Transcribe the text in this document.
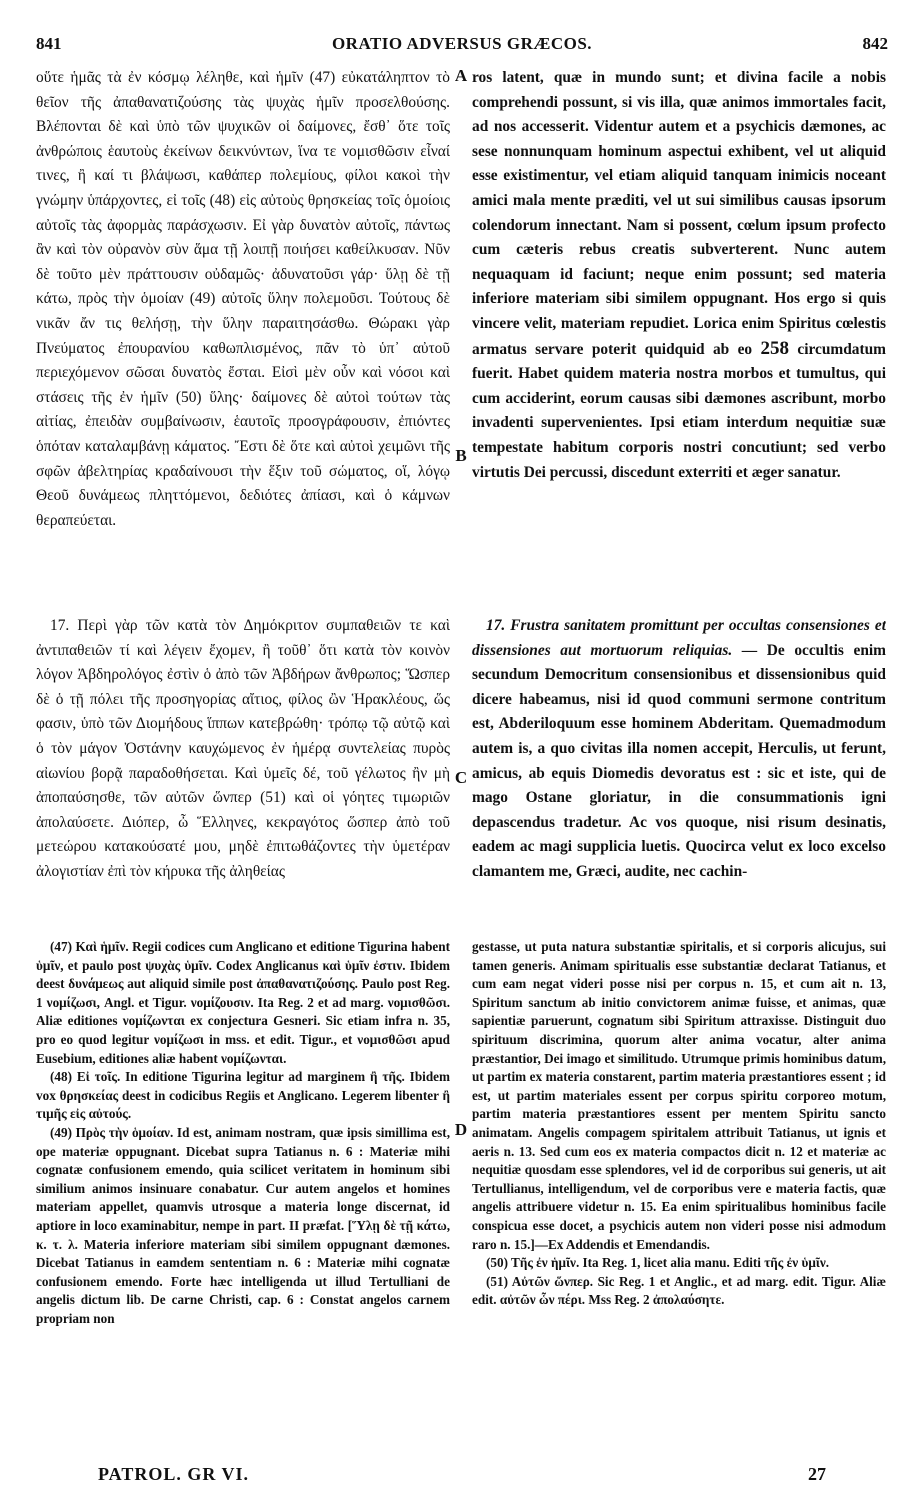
841	ORATIO ADVERSUS GRÆCOS.	842

οὕτε ἡμᾶς τὰ ἐν κόσμῳ λέληθε, καὶ ἡμῖν (47) εὐκατάληπτον τὸ θεῖον τῆς ἀπαθανατιζούσης τὰς ψυχὰς ἡμῖν προσελθούσης. Βλέπονται δὲ καὶ ὑπὸ τῶν ψυχικῶν οἱ δαίμονες, ἔσθ᾽ ὅτε τοῖς ἀνθρώποις ἑαυτοὺς ἐκείνων δεικνύντων, ἵνα τε νομισθῶσιν εἶναί τινες, ἢ καί τι βλάψωσι, καθάπερ πολεμίους, φίλοι κακοὶ τὴν γνώμην ὑπάρχοντες, εἰ τοῖς (48) εἰς αὐτοὺς θρησκείας τοῖς ὁμοίοις αὐτοῖς τὰς ἀφορμὰς παράσχωσιν. Εἰ γὰρ δυνατὸν αὐτοῖς, πάντως ἂν καὶ τὸν οὐρανὸν σὺν ἅμα τῇ λοιπῇ ποιήσει καθείλκυσαν. Νῦν δὲ τοῦτο μὲν πράττουσιν οὐδαμῶς· ἀδυνατοῦσι γάρ· ὕλῃ δὲ τῇ κάτω, πρὸς τὴν ὁμοίαν (49) αὐτοῖς ὕλην πολεμοῦσι. Τούτους δὲ νικᾶν ἄν τις θελήσῃ, τὴν ὕλην παραιτησάσθω. Θώρακι γὰρ Πνεύματος ἐπουρανίου καθωπλισμένος, πᾶν τὸ ὑπ᾽ αὐτοῦ περιεχόμενον σῶσαι δυνατὸς ἔσται. Εἰσὶ μὲν οὖν καὶ νόσοι καὶ στάσεις τῆς ἐν ἡμῖν (50) ὕλης· δαίμονες δὲ αὐτοὶ τούτων τὰς αἰτίας, ἐπειδὰν συμβαίνωσιν, ἑαυτοῖς προσγράφουσιν, ἐπιόντες ὁπόταν καταλαμβάνῃ κάματος. Ἔστι δὲ ὅτε καὶ αὐτοὶ χειμῶνι τῆς σφῶν ἀβελτηρίας κραδαίνουσι τὴν ἕξιν τοῦ σώματος, οἵ, λόγῳ Θεοῦ δυνάμεως πληττόμενοι, δεδιότες ἀπίασι, καὶ ὁ κάμνων θεραπεύεται.

17. Περὶ γὰρ τῶν κατὰ τὸν Δημόκριτον συμπαθειῶν τε καὶ ἀντιπαθειῶν τί καὶ λέγειν ἔχομεν, ἢ τοῦθ᾽ ὅτι κατὰ τὸν κοινὸν λόγον Ἀβδηρολόγος ἐστὶν ὁ ἀπὸ τῶν Ἀβδήρων ἄνθρωπος; Ὥσπερ δὲ ὁ τῇ πόλει τῆς προσηγορίας αἴτιος, φίλος ὢν Ἡρακλέους, ὥς φασιν, ὑπὸ τῶν Διομήδους ἵππων κατεβρώθη· τρόπῳ τῷ αὐτῷ καὶ ὁ τὸν μάγον Ὀστάνην καυχώμενος ἐν ἡμέρᾳ συντελείας πυρὸς αἰωνίου βορᾷ παραδοθήσεται. Καὶ ὑμεῖς δέ, τοῦ γέλωτος ἢν μὴ ἀποπαύσησθε, τῶν αὐτῶν ὥνπερ (51) καὶ οἱ γόητες τιμωριῶν ἀπολαύσετε. Διόπερ, ὦ Ἕλληνες, κεκραγότος ὥσπερ ἀπὸ τοῦ μετεώρου κατακούσατέ μου, μηδὲ ἐπιτωθάζοντες τὴν ὑμετέραν ἀλογιστίαν ἐπὶ τὸν κήρυκα τῆς ἀληθείας

ros latent, quæ in mundo sunt; et divina facile a nobis comprehendi possunt, si vis illa, quæ animos immortales facit, ad nos accesserit. Videntur autem et a psychicis dæmones, ac sese nonnunquam hominum aspectui exhibent, vel ut aliquid esse existimentur, vel etiam aliquid tanquam inimicis noceant amici mala mente præditi, vel ut sui similibus causas ipsorum colendorum innectant. Nam si possent, cœlum ipsum profecto cum cæteris rebus creatis subverterent. Nunc autem nequaquam id faciunt; neque enim possunt; sed materia inferiore materiam sibi similem oppugnant. Hos ergo si quis vincere velit, materiam repudiet. Lorica enim Spiritus cœlestis armatus servare poterit quidquid ab eo 258 circumdatum fuerit. Habet quidem materia nostra morbos et tumultus, qui cum acciderint, eorum causas sibi dæmones ascribunt, morbo invadenti supervenientes. Ipsi etiam interdum nequitiæ suæ tempestate habitum corporis nostri concutiunt; sed verbo virtutis Dei percussi, discedunt exterriti et æger sanatur.

17. Frustra sanitatem promittunt per occultas consensiones et dissensiones aut mortuorum reliquias. — De occultis enim secundum Democritum consensionibus et dissensionibus quid dicere habeamus, nisi id quod communi sermone contritum est, Abderiloquum esse hominem Abderitam. Quemadmodum autem is, a quo civitas illa nomen accepit, Herculis, ut ferunt, amicus, ab equis Diomedis devoratus est : sic et iste, qui de mago Ostane gloriatur, in die consummationis igni depascendus tradetur. Ac vos quoque, nisi risum desinatis, eadem ac magi supplicia luetis. Quocirca velut ex loco excelso clamantem me, Græci, audite, nec cachin-

A
B
C
D

(47) Καὶ ἡμῖν. Regii codices cum Anglicano et editione Tigurina habent ὑμῖν, et paulo post ψυχὰς ὑμῖν. Codex Anglicanus καὶ ὑμῖν ἐστιν. Ibidem deest δυνάμεως aut aliquid simile post ἀπαθανατιζούσης. Paulo post Reg. 1 νομίζωσι, Angl. et Tigur. νομίζουσιν. Ita Reg. 2 et ad marg. νομισθῶσι. Aliæ editiones νομίζωνται ex conjectura Gesneri. Sic etiam infra n. 35, pro eo quod legitur νομίζωσι in mss. et edit. Tigur., et νομισθῶσι apud Eusebium, editiones aliæ habent νομίζωνται.

(48) Εἰ τοῖς. In editione Tigurina legitur ad marginem ἢ τῆς. Ibidem vox θρησκείας deest in codicibus Regiis et Anglicano. Legerem libenter ἢ τιμῆς εἰς αὐτούς.

(49) Πρὸς τὴν ὁμοίαν. Id est, animam nostram, quæ ipsis simillima est, ope materiæ oppugnant. Dicebat supra Tatianus n. 6 : Materiæ mihi cognatæ confusionem emendo, quia scilicet veritatem in hominum sibi similium animos insinuare conabatur. Cur autem angelos et homines materiam appellet, quamvis utrosque a materia longe discernat, id aptiore in loco examinabitur, nempe in part. II præfat. [Ὕλῃ δὲ τῇ κάτω, κ. τ. λ. Materia inferiore materiam sibi similem oppugnant dæmones. Dicebat Tatianus in eamdem sententiam n. 6 : Materiæ mihi cognatæ confusionem emendo. Forte hæc intelligenda ut illud Tertulliani de angelis dictum lib. De carne Christi, cap. 6 : Constat angelos carnem propriam non

gestasse, ut puta natura substantiæ spiritalis, et si corporis alicujus, sui tamen generis. Animam spiritualis esse substantiæ declarat Tatianus, et cum eam negat videri posse nisi per corpus n. 15, et cum ait n. 13, Spiritum sanctum ab initio convictorem animæ fuisse, et animas, quæ sapientiæ paruerunt, cognatum sibi Spiritum attraxisse. Distinguit duo spirituum discrimina, quorum alter anima vocatur, alter anima præstantior, Dei imago et similitudo. Utrumque primis hominibus datum, ut partim ex materia constarent, partim materia præstantiores essent ; id est, ut partim materiales essent per corpus spiritu corporeo motum, partim materia præstantiores essent per mentem Spiritu sancto animatam. Angelis compagem spiritalem attribuit Tatianus, ut ignis et aeris n. 13. Sed cum eos ex materia compactos dicit n. 12 et materiæ ac nequitiæ quosdam esse splendores, vel id de corporibus sui generis, ut ait Tertullianus, intelligendum, vel de corporibus vere e materia factis, quæ angelis attribuere videtur n. 15. Ea enim spiritualibus hominibus facile conspicua esse docet, a psychicis autem non videri posse nisi admodum raro n. 15.]—Ex Addendis et Emendandis.

(50) Τῆς ἐν ἡμῖν. Ita Reg. 1, licet alia manu. Editi τῆς ἐν ὑμῖν.

(51) Αὐτῶν ὥνπερ. Sic Reg. 1 et Anglic., et ad marg. edit. Tigur. Aliæ edit. αὐτῶν ὧν πέρι. Mss Reg. 2 ἀπολαύσητε.

PATROL. GR VI.	27
